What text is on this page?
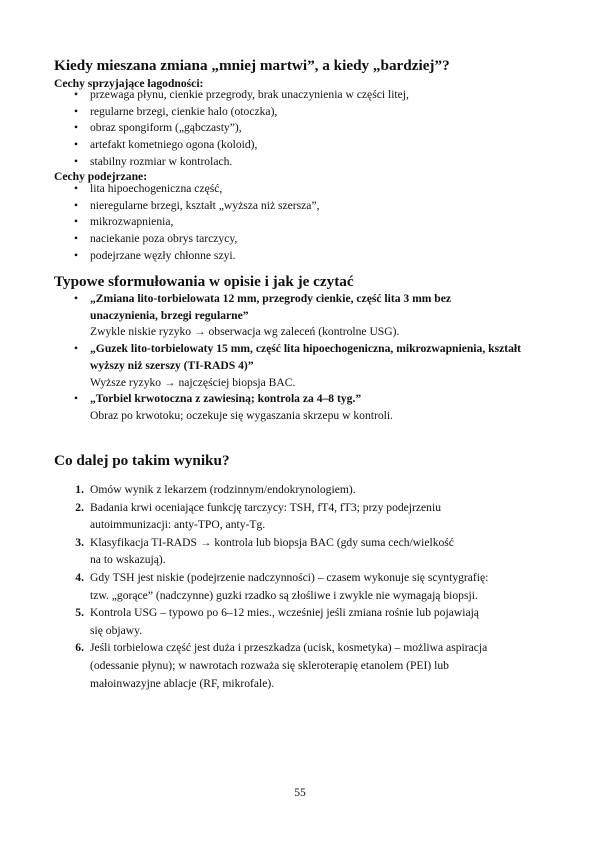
Kiedy mieszana zmiana „mniej martwi”, a kiedy „bardziej”?
Cechy sprzyjające łagodności:
• przewaga płynu, cienkie przegrody, brak unaczynienia w części litej,
• regularne brzegi, cienkie halo (otoczka),
• obraz spongiform („gąbczasty”),
• artefakt kometniego ogona (koloid),
• stabilny rozmiar w kontrolach.
Cechy podejrzane:
• lita hipoechogeniczna część,
• nieregularne brzegi, kształt „wyższa niż szersza”,
• mikrozwapnienia,
• naciekanie poza obrys tarczycy,
• podejrzane węzły chłonne szyi.
Typowe sformułowania w opisie i jak je czytać
• „Zmiana lito-torbielowata 12 mm, przegrody cienkie, część lita 3 mm bez
unaczynienia, brzegi regularne”
Zwykle niskie ryzyko → obserwacja wg zaleceń (kontrolne USG).
• „Guzek lito-torbielowaty 15 mm, część lita hipoechogeniczna, mikrozwapnienia, kształt
wyższy niż szerszy (TI-RADS 4)”
Wyższe ryzyko → najczęściej biopsja BAC.
• „Torbiel krwotoczna z zawiesiną; kontrola za 4–8 tyg.”
Obraz po krwotoku; oczekuje się wygaszania skrzepu w kontroli.
Co dalej po takim wyniku?
1. Omów wynik z lekarzem (rodzinnym/endokrynologiem).
2. Badania krwi oceniające funkcję tarczycy: TSH, fT4, fT3; przy podejrzeniu
autoimmunizacji: anty-TPO, anty-Tg.
3. Klasyfikacja TI-RADS → kontrola lub biopsja BAC (gdy suma cech/wielkość
na to wskazują).
4. Gdy TSH jest niskie (podejrzenie nadczynności) – czasem wykonuje się scyntygrafię:
tzw. „gorące” (nadczynne) guzki rzadko są złośliwe i zwykle nie wymagają biopsji.
5. Kontrola USG – typowo po 6–12 mies., wcześniej jeśli zmiana rośnie lub pojawiają
się objawy.
6. Jeśli torbielowa część jest duża i przeszkadza (ucisk, kosmetyka) – możliwa aspiracja
(odessanie płynu); w nawrotach rozważa się skleroterapię etanolem (PEI) lub
małoinwazyjne ablacje (RF, mikrofale).
55
